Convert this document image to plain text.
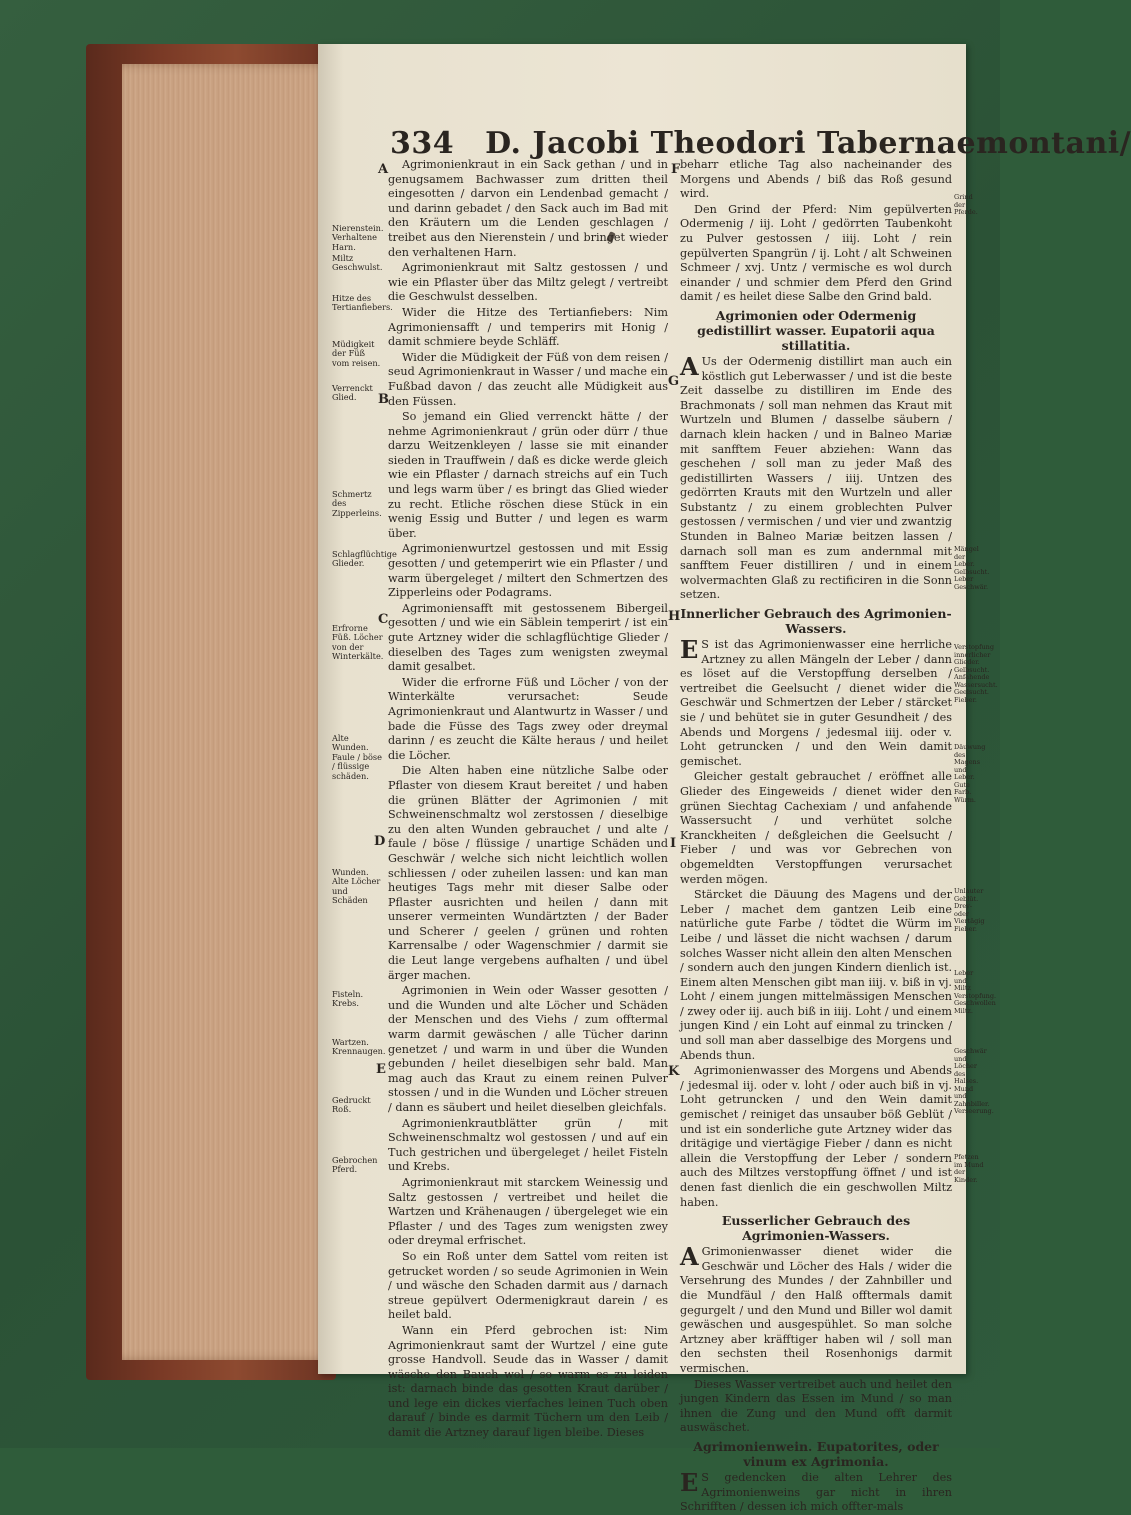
334 D. Jacobi Theodori Tabernaemontani/
A
B
C
D
E
F
G
H
I
K
Nierenstein. Verhaltene Harn.
Miltz Geschwulst.
Hitze des Tertianfiebers.
Müdigkeit der Füß vom reisen.
Verrenckt Glied.
Schmertz des Zipperleins.
Schlagflüchtige Glieder.
Erfrorne Füß. Löcher von der Winterkälte.
Alte Wunden. Faule / böse / flüssige schäden.
Wunden. Alte Löcher und Schäden
Fisteln. Krebs.
Wartzen. Krennaugen.
Gedruckt Roß.
Gebrochen Pferd.
Grind der Pferde.
Mängel der Leber. Gelbsucht. Leber Geschwär.
Verstopfung innerlicher Glieder. Gelbsucht. Anfahende Wassersucht. Geelsucht. Fieber.
Däuwung des Magens und Leber. Gute Farb. Würm.
Unlauter Geblüt. Drey- oder Viertägig Fieber.
Leber und Miltz Verstopfung. Geschwollen Miltz.
Geschwär und Löcher des Halses. Mund und Zahnbiller. Verseerung.
Pfetzen im Mund der Kinder.

Agrimonienkraut in ein Sack gethan / und in genugsamem Bachwasser zum dritten theil eingesotten / darvon ein Lendenbad gemacht / und darinn gebadet / den Sack auch im Bad mit den Kräutern um die Lenden geschlagen / treibet aus den Nierenstein / und bringet wieder den verhaltenen Harn.

Agrimonienkraut mit Saltz gestossen / und wie ein Pflaster über das Miltz gelegt / vertreibt die Geschwulst desselben.

Wider die Hitze des Tertianfiebers: Nim Agrimoniensafft / und temperirs mit Honig / damit schmiere beyde Schläff.

Wider die Müdigkeit der Füß von dem reisen / seud Agrimonienkraut in Wasser / und mache ein Fußbad davon / das zeucht alle Müdigkeit aus den Füssen.

So jemand ein Glied verrenckt hätte / der nehme Agrimonienkraut / grün oder dürr / thue darzu Weitzenkleyen / lasse sie mit einander sieden in Trauffwein / daß es dicke werde gleich wie ein Pflaster / darnach streichs auf ein Tuch und legs warm über / es bringt das Glied wieder zu recht. Etliche röschen diese Stück in ein wenig Essig und Butter / und legen es warm über.

Agrimonienwurtzel gestossen und mit Essig gesotten / und getemperirt wie ein Pflaster / und warm übergeleget / miltert den Schmertzen des Zipperleins oder Podagrams.

Agrimoniensafft mit gestossenem Bibergeil gesotten / und wie ein Säblein temperirt / ist ein gute Artzney wider die schlagflüchtige Glieder / dieselben des Tages zum wenigsten zweymal damit gesalbet.

Wider die erfrorne Füß und Löcher / von der Winterkälte verursachet: Seude Agrimonienkraut und Alantwurtz in Wasser / und bade die Füsse des Tags zwey oder dreymal darinn / es zeucht die Kälte heraus / und heilet die Löcher.

Die Alten haben eine nützliche Salbe oder Pflaster von diesem Kraut bereitet / und haben die grünen Blätter der Agrimonien / mit Schweinenschmaltz wol zerstossen / dieselbige zu den alten Wunden gebrauchet / und alte / faule / böse / flüssige / unartige Schäden und Geschwär / welche sich nicht leichtlich wollen schliessen / oder zuheilen lassen: und kan man heutiges Tags mehr mit dieser Salbe oder Pflaster ausrichten und heilen / dann mit unserer vermeinten Wundärtzten / der Bader und Scherer / geelen / grünen und rohten Karrensalbe / oder Wagenschmier / darmit sie die Leut lange vergebens aufhalten / und übel ärger machen.

Agrimonien in Wein oder Wasser gesotten / und die Wunden und alte Löcher und Schäden der Menschen und des Viehs / zum offtermal warm darmit gewäschen / alle Tücher darinn genetzet / und warm in und über die Wunden gebunden / heilet dieselbigen sehr bald. Man mag auch das Kraut zu einem reinen Pulver stossen / und in die Wunden und Löcher streuen / dann es säubert und heilet dieselben gleichfals.

Agrimonienkrautblätter grün / mit Schweinenschmaltz wol gestossen / und auf ein Tuch gestrichen und übergeleget / heilet Fisteln und Krebs.

Agrimonienkraut mit starckem Weinessig und Saltz gestossen / vertreibet und heilet die Wartzen und Krähenaugen / übergeleget wie ein Pflaster / und des Tages zum wenigsten zwey oder dreymal erfrischet.

So ein Roß unter dem Sattel vom reiten ist getrucket worden / so seude Agrimonien in Wein / und wäsche den Schaden darmit aus / darnach streue gepülvert Odermenigkraut darein / es heilet bald.

Wann ein Pferd gebrochen ist: Nim Agrimonienkraut samt der Wurtzel / eine gute grosse Handvoll. Seude das in Wasser / damit wäsche den Bauch wol / so warm es zu leiden ist: darnach binde das gesotten Kraut darüber / und lege ein dickes vierfaches leinen Tuch oben darauf / binde es darmit Tüchern um den Leib / damit die Artzney darauf ligen bleibe. Dieses

beharr etliche Tag also nacheinander des Morgens und Abends / biß das Roß gesund wird.

Den Grind der Pferd: Nim gepülverten Odermenig / iij. Loht / gedörrten Taubenkoht zu Pulver gestossen / iiij. Loht / rein gepülverten Spangrün / ij. Loht / alt Schweinen Schmeer / xvj. Untz / vermische es wol durch einander / und schmier dem Pferd den Grind damit / es heilet diese Salbe den Grind bald.

Agrimonien oder Odermenig gedistillirt wasser. Eupatorii aqua stillatitia.

A Us der Odermenig distillirt man auch ein köstlich gut Leberwasser / und ist die beste Zeit dasselbe zu distilliren im Ende des Brachmonats / soll man nehmen das Kraut mit Wurtzeln und Blumen / dasselbe säubern / darnach klein hacken / und in Balneo Mariæ mit sanfftem Feuer abziehen: Wann das geschehen / soll man zu jeder Maß des gedistillirten Wassers / iiij. Untzen des gedörrten Krauts mit den Wurtzeln und aller Substantz / zu einem groblechten Pulver gestossen / vermischen / und vier und zwantzig Stunden in Balneo Mariæ beitzen lassen / darnach soll man es zum andernmal mit sanfftem Feuer distilliren / und in einem wolvermachten Glaß zu rectificiren in die Sonn setzen.

Innerlicher Gebrauch des Agrimonien-Wassers.

E S ist das Agrimonienwasser eine herrliche Artzney zu allen Mängeln der Leber / dann es löset auf die Verstopffung derselben / vertreibet die Geelsucht / dienet wider die Geschwär und Schmertzen der Leber / stärcket sie / und behütet sie in guter Gesundheit / des Abends und Morgens / jedesmal iiij. oder v. Loht getruncken / und den Wein damit gemischet.

Gleicher gestalt gebrauchet / eröffnet alle Glieder des Eingeweids / dienet wider den grünen Siechtag Cachexiam / und anfahende Wassersucht / und verhütet solche Kranckheiten / deßgleichen die Geelsucht / Fieber / und was vor Gebrechen von obgemeldten Verstopffungen verursachet werden mögen.

Stärcket die Däuung des Magens und der Leber / machet dem gantzen Leib eine natürliche gute Farbe / tödtet die Würm im Leibe / und lässet die nicht wachsen / darum solches Wasser nicht allein den alten Menschen / sondern auch den jungen Kindern dienlich ist. Einem alten Menschen gibt man iiij. v. biß in vj. Loht / einem jungen mittelmässigen Menschen / zwey oder iij. auch biß in iiij. Loht / und einem jungen Kind / ein Loht auf einmal zu trincken / und soll man aber dasselbige des Morgens und Abends thun.

Agrimonienwasser des Morgens und Abends / jedesmal iij. oder v. loht / oder auch biß in vj. Loht getruncken / und den Wein damit gemischet / reiniget das unsauber böß Geblüt / und ist ein sonderliche gute Artzney wider das dritägige und viertägige Fieber / dann es nicht allein die Verstopffung der Leber / sondern auch des Miltzes verstopffung öffnet / und ist denen fast dienlich die ein geschwollen Miltz haben.

Eusserlicher Gebrauch des Agrimonien-Wassers.

A Grimonienwasser dienet wider die Geschwär und Löcher des Hals / wider die Versehrung des Mundes / der Zahnbiller und die Mundfäul / den Halß offtermals damit gegurgelt / und den Mund und Biller wol damit gewäschen und ausgespühlet. So man solche Artzney aber kräfftiger haben wil / soll man den sechsten theil Rosenhonigs darmit vermischen.

Dieses Wasser vertreibet auch und heilet den jungen Kindern das Essen im Mund / so man ihnen die Zung und den Mund offt darmit auswäschet.

Agrimonienwein. Eupatorites, oder vinum ex Agrimonia.

E S gedencken die alten Lehrer des Agrimonienweins gar nicht in ihren Schrifften / dessen ich mich offter-mals
